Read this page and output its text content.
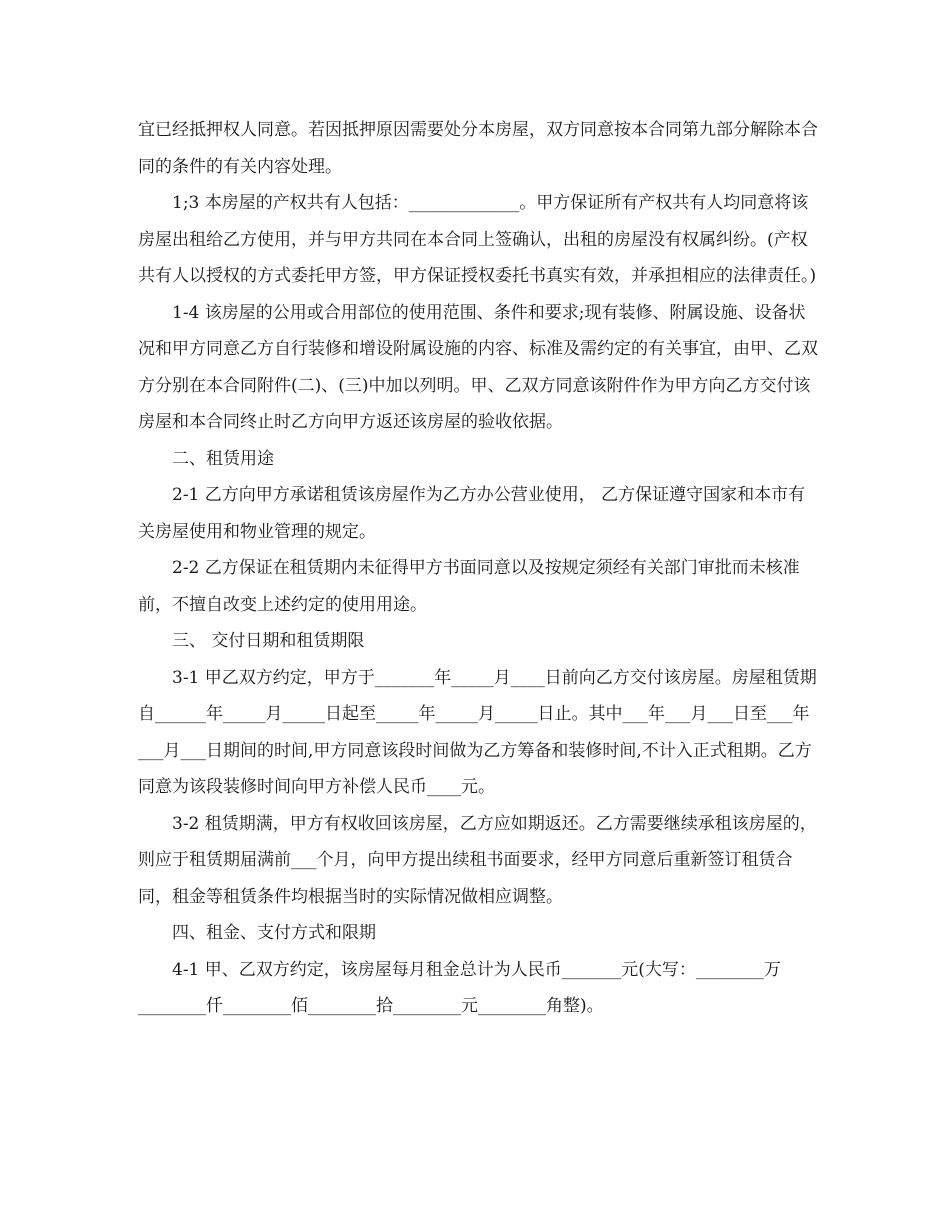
宜已经抵押权人同意。若因抵押原因需要处分本房屋，双方同意按本合同第九部分解除本合同的条件的有关内容处理。

1;3 本房屋的产权共有人包括：_____________。甲方保证所有产权共有人均同意将该房屋出租给乙方使用，并与甲方共同在本合同上签确认，出租的房屋没有权属纠纷。(产权共有人以授权的方式委托甲方签，甲方保证授权委托书真实有效，并承担相应的法律责任。)

1-4 该房屋的公用或合用部位的使用范围、条件和要求;现有装修、附属设施、设备状况和甲方同意乙方自行装修和增设附属设施的内容、标准及需约定的有关事宜，由甲、乙双方分别在本合同附件(二)、(三)中加以列明。甲、乙双方同意该附件作为甲方向乙方交付该房屋和本合同终止时乙方向甲方返还该房屋的验收依据。

二、租赁用途

2-1 乙方向甲方承诺租赁该房屋作为乙方办公营业使用， 乙方保证遵守国家和本市有关房屋使用和物业管理的规定。

2-2 乙方保证在租赁期内未征得甲方书面同意以及按规定须经有关部门审批而未核准前，不擅自改变上述约定的使用用途。

三、 交付日期和租赁期限

3-1 甲乙双方约定，甲方于_______年_____月____日前向乙方交付该房屋。房屋租赁期自______年_____月_____日起至_____年_____月_____日止。其中___年___月___日至___年___月___日期间的时间,甲方同意该段时间做为乙方筹备和装修时间,不计入正式租期。乙方同意为该段装修时间向甲方补偿人民币____元。

3-2 租赁期满，甲方有权收回该房屋，乙方应如期返还。乙方需要继续承租该房屋的，则应于租赁期届满前___个月，向甲方提出续租书面要求，经甲方同意后重新签订租赁合同，租金等租赁条件均根据当时的实际情况做相应调整。

四、租金、支付方式和限期

4-1 甲、乙双方约定，该房屋每月租金总计为人民币_______元(大写：________万________仟________佰________拾________元________角整)。
